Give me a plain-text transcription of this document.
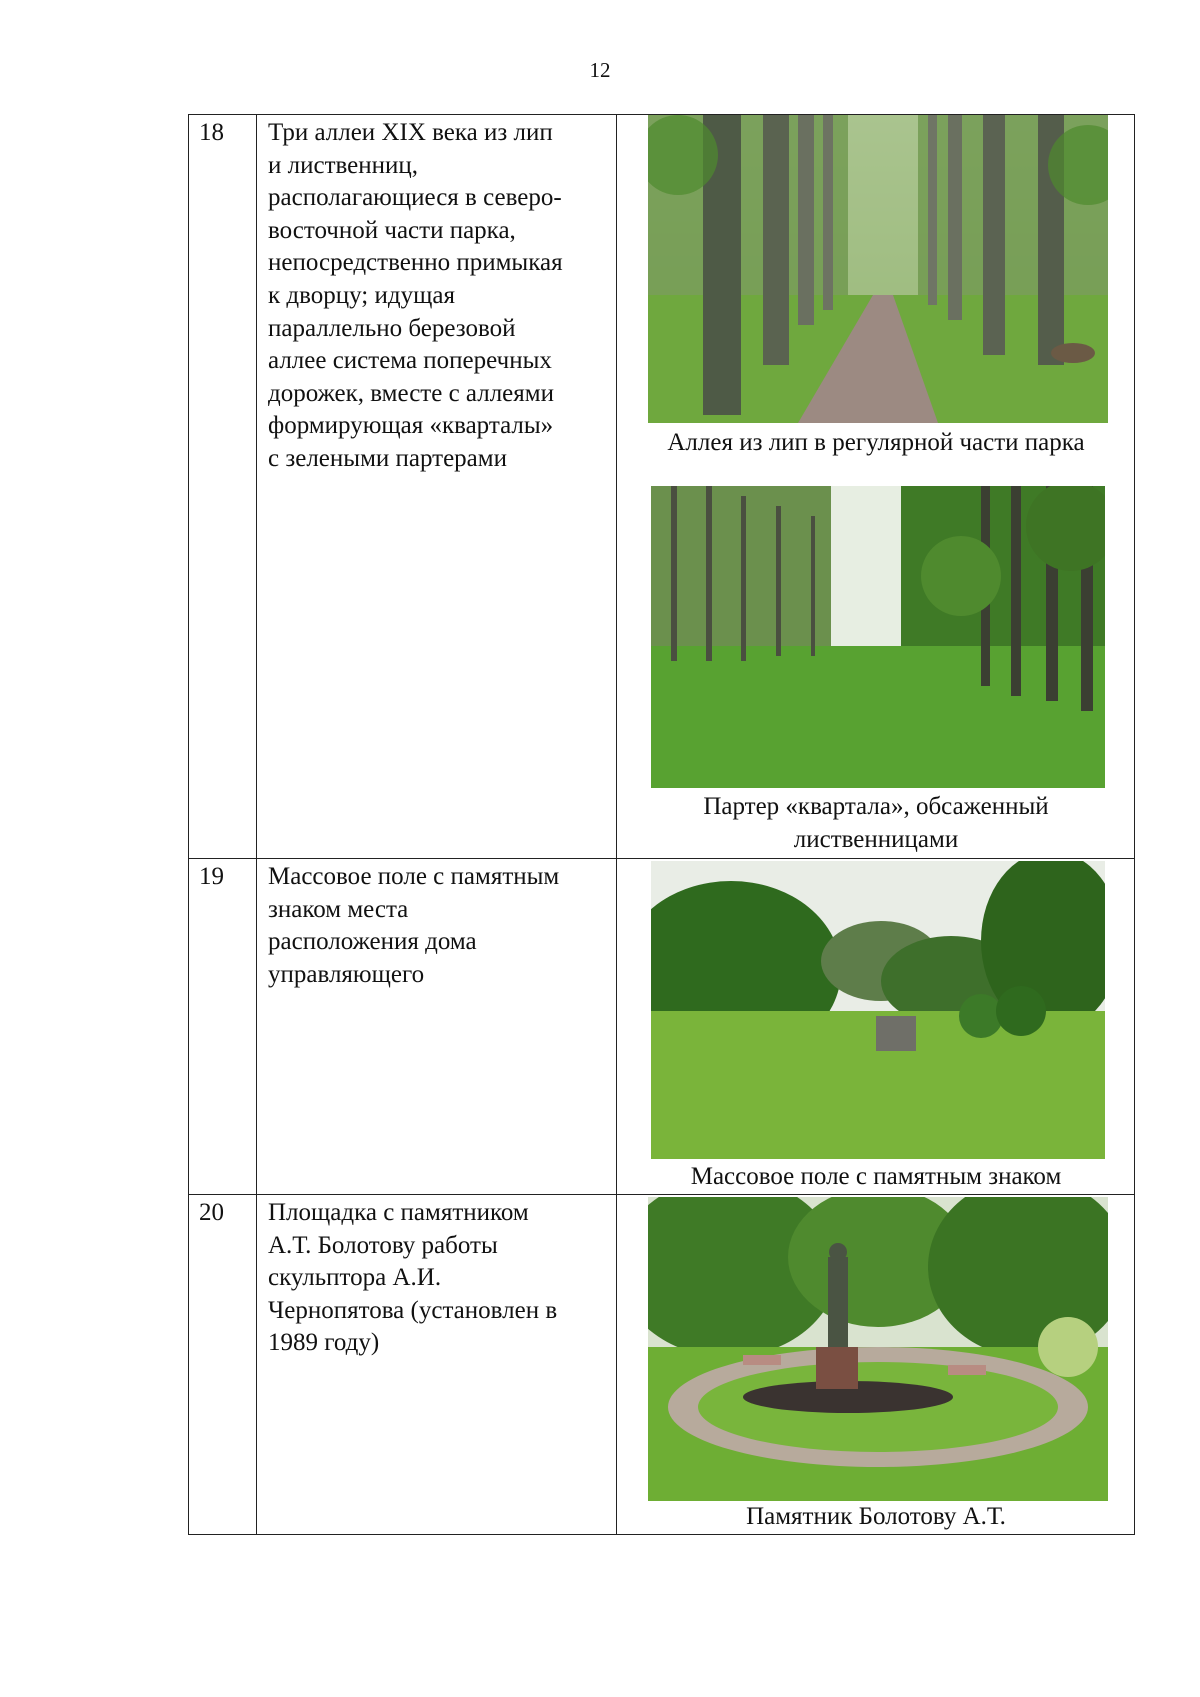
12
18	Три аллеи XIX века из лип
и лиственниц,
располагающиеся в северо-
восточной части парка,
непосредственно примыкая
к дворцу; идущая
параллельно березовой
аллее система поперечных
дорожек, вместе с аллеями
формирующая «кварталы»
с зелеными партерами
Аллея из лип в регулярной части парка
Партер «квартала», обсаженный
лиственницами
19	Массовое поле с памятным
знаком места
расположения дома
управляющего
Массовое поле с памятным знаком
20	Площадка с памятником
А.Т. Болотову работы
скульптора А.И.
Чернопятова (установлен в
1989 году)
Памятник Болотову А.Т.
